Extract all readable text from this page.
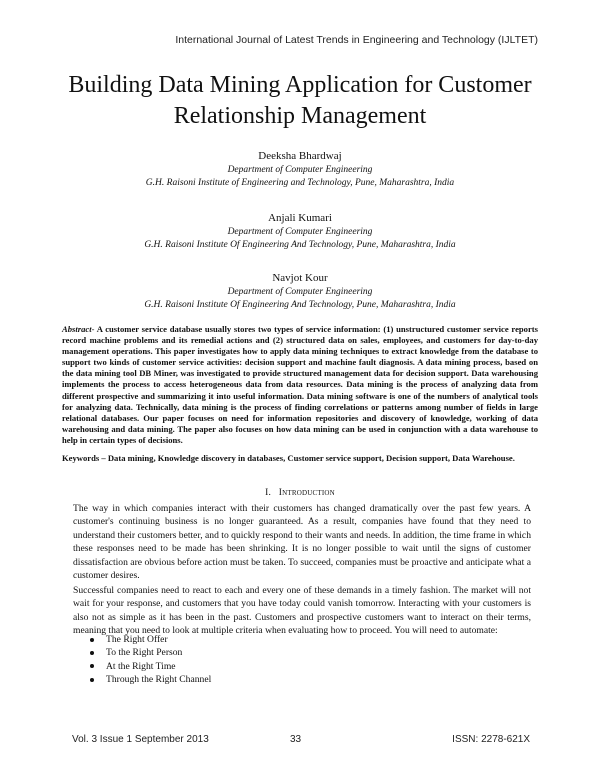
International Journal of Latest Trends in Engineering and Technology (IJLTET)
Building Data Mining Application for Customer
Relationship Management
Deeksha Bhardwaj
Department of Computer Engineering
G.H. Raisoni Institute of Engineering and Technology, Pune, Maharashtra, India
Anjali Kumari
Department of Computer Engineering
G.H. Raisoni Institute Of Engineering And Technology, Pune, Maharashtra, India
Navjot Kour
Department of Computer Engineering
G.H. Raisoni Institute Of Engineering And Technology, Pune, Maharashtra, India
Abstract- A customer service database usually stores two types of service information: (1) unstructured customer service reports record machine problems and its remedial actions and (2) structured data on sales, employees, and customers for day-to-day management operations. This paper investigates how to apply data mining techniques to extract knowledge from the database to support two kinds of customer service activities: decision support and machine fault diagnosis. A data mining process, based on the data mining tool DB Miner, was investigated to provide structured management data for decision support. Data warehousing implements the process to access heterogeneous data from data resources. Data mining is the process of analyzing data from different prospective and summarizing it into useful information. Data mining software is one of the numbers of analytical tools for analyzing data. Technically, data mining is the process of finding correlations or patterns among number of fields in large relational databases. Our paper focuses on need for information repositories and discovery of knowledge, working of data warehousing and data mining. The paper also focuses on how data mining can be used in conjunction with a data warehouse to help in certain types of decisions.
Keywords – Data mining, Knowledge discovery in databases, Customer service support, Decision support, Data Warehouse.
I. Introduction
The way in which companies interact with their customers has changed dramatically over the past few years. A customer's continuing business is no longer guaranteed. As a result, companies have found that they need to understand their customers better, and to quickly respond to their wants and needs. In addition, the time frame in which these responses need to be made has been shrinking. It is no longer possible to wait until the signs of customer dissatisfaction are obvious before action must be taken. To succeed, companies must be proactive and anticipate what a customer desires.
Successful companies need to react to each and every one of these demands in a timely fashion. The market will not wait for your response, and customers that you have today could vanish tomorrow. Interacting with your customers is also not as simple as it has been in the past. Customers and prospective customers want to interact on their terms, meaning that you need to look at multiple criteria when evaluating how to proceed. You will need to automate:
The Right Offer
To the Right Person
At the Right Time
Through the Right Channel
Vol. 3 Issue 1 September 2013	33	ISSN: 2278-621X
